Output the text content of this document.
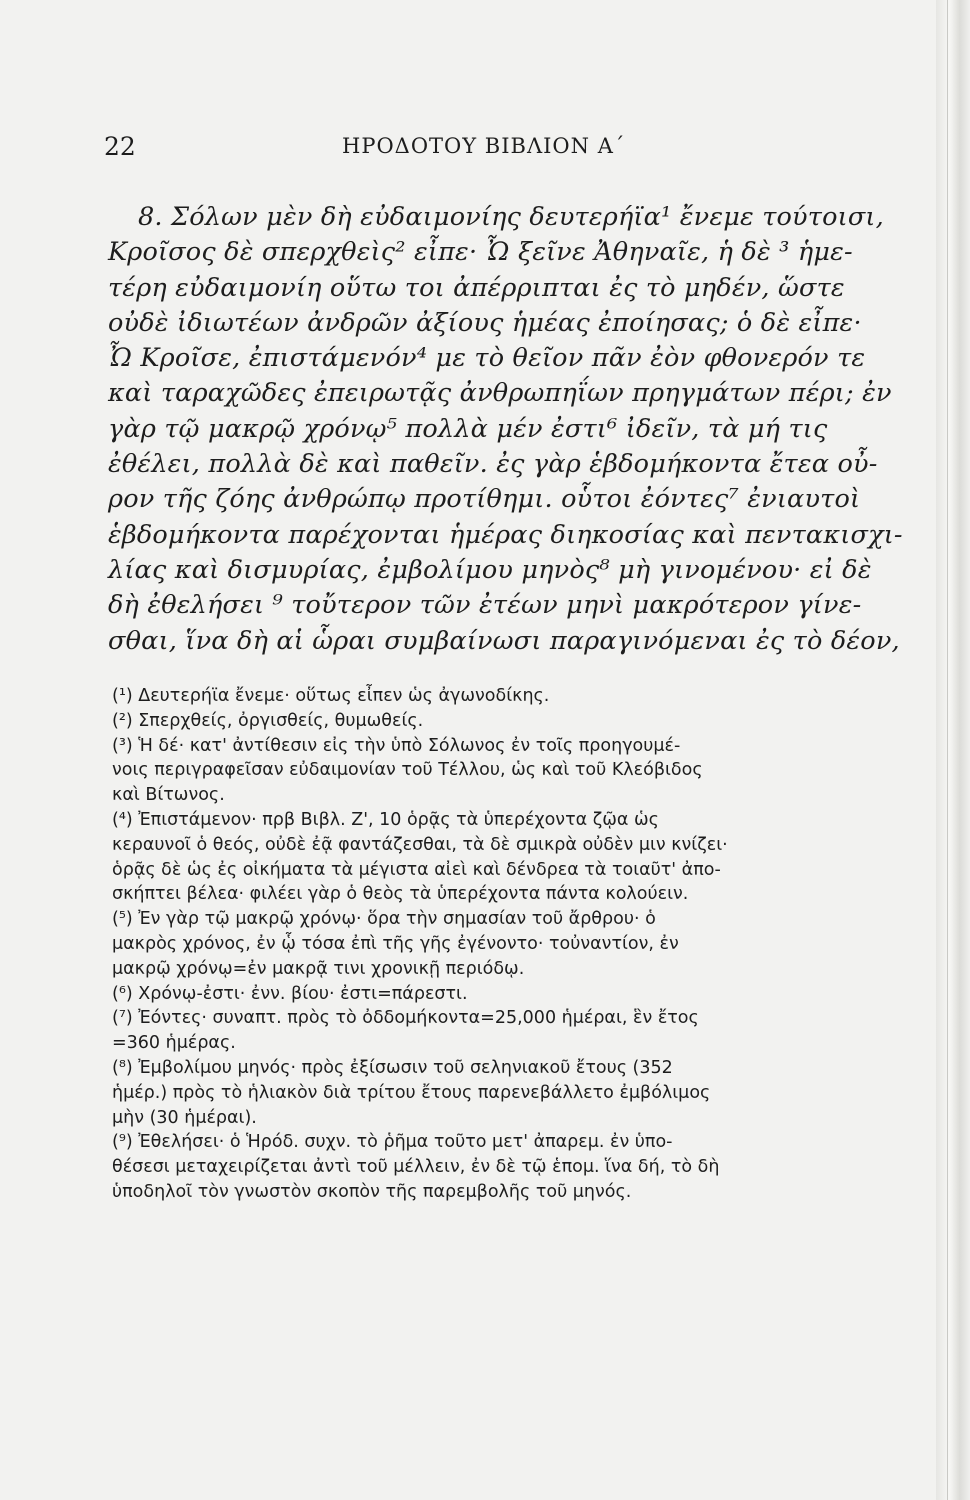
22	ΗΡΟΔΟΤΟΥ ΒΙΒΛΙΟΝ Α΄
8. Σόλων μὲν δὴ εὐδαιμονίης δευτερήϊα¹ ἔνεμε τούτοισι,
Κροῖσος δὲ σπερχθεὶς² εἶπε· Ὦ ξεῖνε Ἀθηναῖε, ἡ δὲ ³ ἡμε-
τέρη εὐδαιμονίη οὕτω τοι ἀπέρριπται ἐς τὸ μηδέν, ὥστε
οὐδὲ ἰδιωτέων ἀνδρῶν ἀξίους ἡμέας ἐποίησας; ὁ δὲ εἶπε·
Ὦ Κροῖσε, ἐπιστάμενόν⁴ με τὸ θεῖον πᾶν ἐὸν φθονερόν τε
καὶ ταραχῶδες ἐπειρωτᾷς ἀνθρωπηΐων πρηγμάτων πέρι; ἐν
γὰρ τῷ μακρῷ χρόνῳ⁵ πολλὰ μέν ἐστι⁶ ἰδεῖν, τὰ μή τις
ἐθέλει, πολλὰ δὲ καὶ παθεῖν. ἐς γὰρ ἑβδομήκοντα ἔτεα οὖ-
ρον τῆς ζόης ἀνθρώπῳ προτίθημι. οὗτοι ἐόντες⁷ ἐνιαυτοὶ
ἑβδομήκοντα παρέχονται ἡμέρας διηκοσίας καὶ πεντακισχι-
λίας καὶ δισμυρίας, ἐμβολίμου μηνὸς⁸ μὴ γινομένου· εἰ δὲ
δὴ ἐθελήσει ⁹ τοὔτερον τῶν ἐτέων μηνὶ μακρότερον γίνε-
σθαι, ἵνα δὴ αἱ ὧραι συμβαίνωσι παραγινόμεναι ἐς τὸ δέον,
(¹) Δευτερήϊα ἔνεμε· οὕτως εἶπεν ὡς ἀγωνοδίκης.
(²) Σπερχθείς, ὀργισθείς, θυμωθείς.
(³) Ἡ δέ· κατ' ἀντίθεσιν εἰς τὴν ὑπὸ Σόλωνος ἐν τοῖς προηγουμέ-
νοις περιγραφεῖσαν εὐδαιμονίαν τοῦ Τέλλου, ὡς καὶ τοῦ Κλεόβιδος
καὶ Βίτωνος.
(⁴) Ἐπιστάμενον· πρβ Βιβλ. Ζ', 10 ὁρᾷς τὰ ὑπερέχοντα ζῷα ὡς
κεραυνοῖ ὁ θεός, οὐδὲ ἐᾷ φαντάζεσθαι, τὰ δὲ σμικρὰ οὐδὲν μιν κνίζει·
ὁρᾷς δὲ ὡς ἐς οἰκήματα τὰ μέγιστα αἰεὶ καὶ δένδρεα τὰ τοιαῦτ' ἀπο-
σκήπτει βέλεα· φιλέει γὰρ ὁ θεὸς τὰ ὑπερέχοντα πάντα κολούειν.
(⁵) Ἐν γὰρ τῷ μακρῷ χρόνῳ· ὅρα τὴν σημασίαν τοῦ ἄρθρου· ὁ
μακρὸς χρόνος, ἐν ᾧ τόσα ἐπὶ τῆς γῆς ἐγένοντο· τοὐναντίον, ἐν
μακρῷ χρόνῳ=ἐν μακρᾷ τινι χρονικῇ περιόδῳ.
(⁶) Χρόνῳ-ἐστι· ἐνν. βίου· ἐστι=πάρεστι.
(⁷) Ἐόντες· συναπτ. πρὸς τὸ ὀδδομήκοντα=25,000 ἡμέραι, ἓν ἔτος
=360 ἡμέρας.
(⁸) Ἐμβολίμου μηνός· πρὸς ἐξίσωσιν τοῦ σεληνιακοῦ ἔτους (352
ἡμέρ.) πρὸς τὸ ἡλιακὸν διὰ τρίτου ἔτους παρενεβάλλετο ἐμβόλιμος
μὴν (30 ἡμέραι).
(⁹) Ἐθελήσει· ὁ Ἡρόδ. συχν. τὸ ῥῆμα τοῦτο μετ' ἀπαρεμ. ἐν ὑπο-
θέσεσι μεταχειρίζεται ἀντὶ τοῦ μέλλειν, ἐν δὲ τῷ ἑπομ. ἵνα δή, τὸ δὴ
ὑποδηλοῖ τὸν γνωστὸν σκοπὸν τῆς παρεμβολῆς τοῦ μηνός.
